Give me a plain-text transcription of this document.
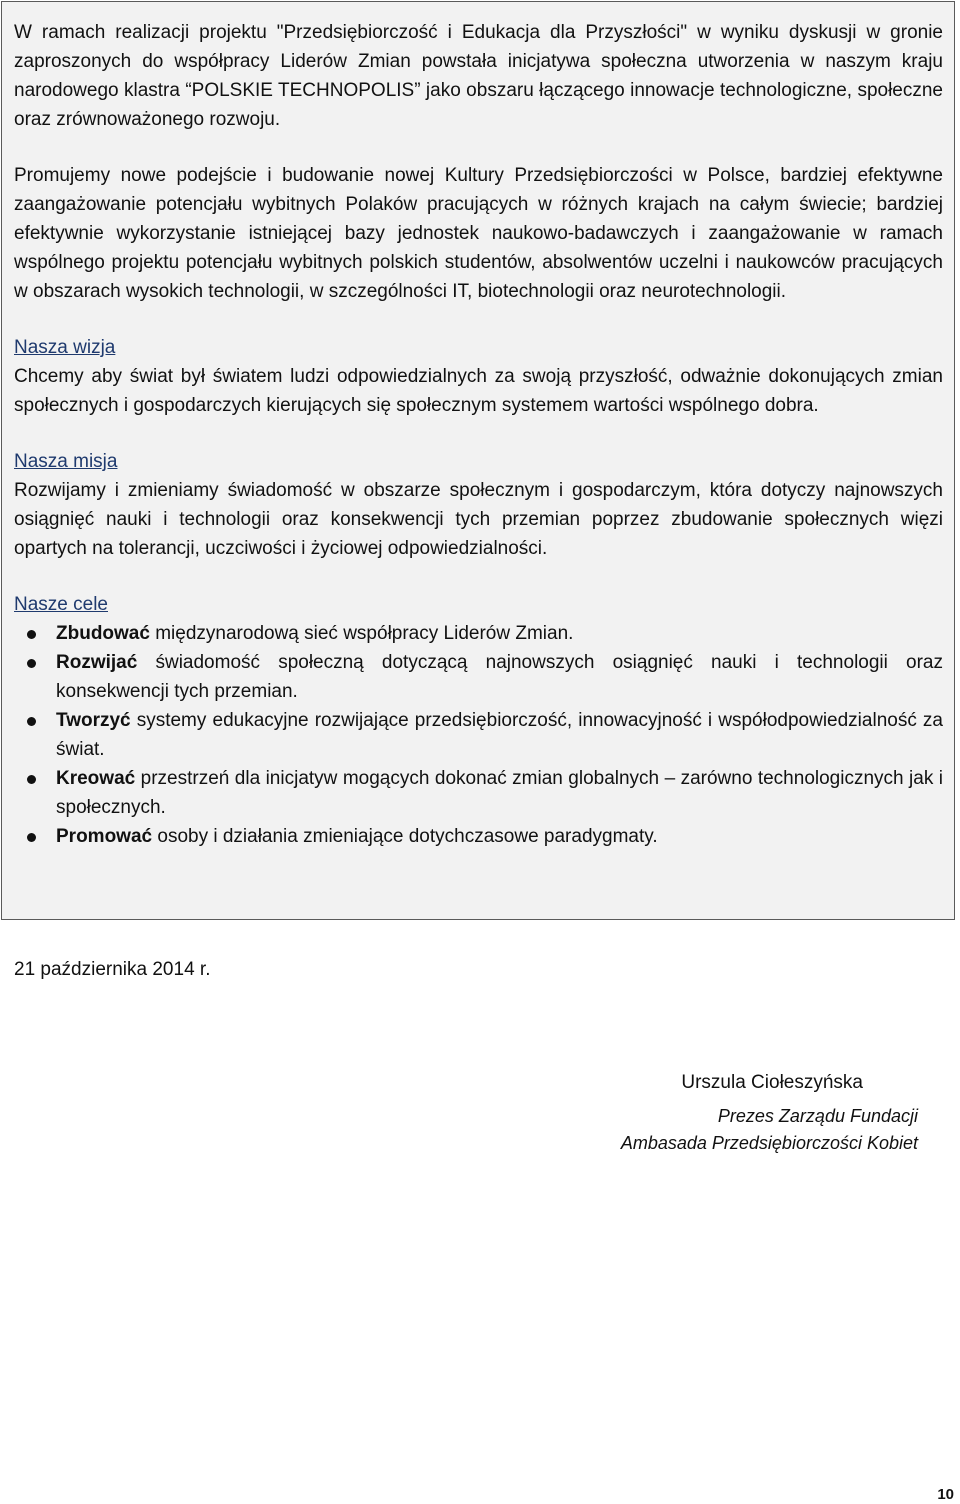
W ramach realizacji projektu "Przedsiębiorczość i Edukacja dla Przyszłości" w wyniku dyskusji w gronie zaproszonych do współpracy Liderów Zmian powstała inicjatywa społeczna utworzenia w naszym kraju narodowego klastra “POLSKIE TECHNOPOLIS” jako obszaru łączącego innowacje technologiczne, społeczne oraz zrównoważonego rozwoju.

Promujemy nowe podejście i budowanie nowej Kultury Przedsiębiorczości w Polsce, bardziej efektywne zaangażowanie potencjału wybitnych Polaków pracujących w różnych krajach na całym świecie; bardziej efektywnie wykorzystanie istniejącej bazy jednostek naukowo-badawczych i zaangażowanie w ramach wspólnego projektu potencjału wybitnych polskich studentów, absolwentów uczelni i naukowców pracujących w obszarach wysokich technologii, w szczególności IT, biotechnologii oraz neurotechnologii.

Nasza wizja

Chcemy aby świat był światem ludzi odpowiedzialnych za swoją przyszłość, odważnie dokonujących zmian społecznych i gospodarczych kierujących się społecznym systemem wartości wspólnego dobra.

Nasza misja

Rozwijamy i zmieniamy świadomość w obszarze społecznym i gospodarczym, która dotyczy najnowszych osiągnięć nauki i technologii oraz konsekwencji tych przemian poprzez zbudowanie społecznych więzi opartych na tolerancji, uczciwości i życiowej odpowiedzialności.

Nasze cele

Zbudować międzynarodową sieć współpracy Liderów Zmian.
Rozwijać świadomość społeczną dotyczącą najnowszych osiągnięć nauki i technologii oraz konsekwencji tych przemian.
Tworzyć systemy edukacyjne rozwijające przedsiębiorczość, innowacyjność i współodpowiedzialność za świat.
Kreować przestrzeń dla inicjatyw mogących dokonać zmian globalnych – zarówno technologicznych jak i społecznych.
Promować osoby i działania zmieniające dotychczasowe paradygmaty.

21 października 2014 r.

Urszula Ciołeszyńska

Prezes Zarządu Fundacji

Ambasada Przedsiębiorczości Kobiet

10
